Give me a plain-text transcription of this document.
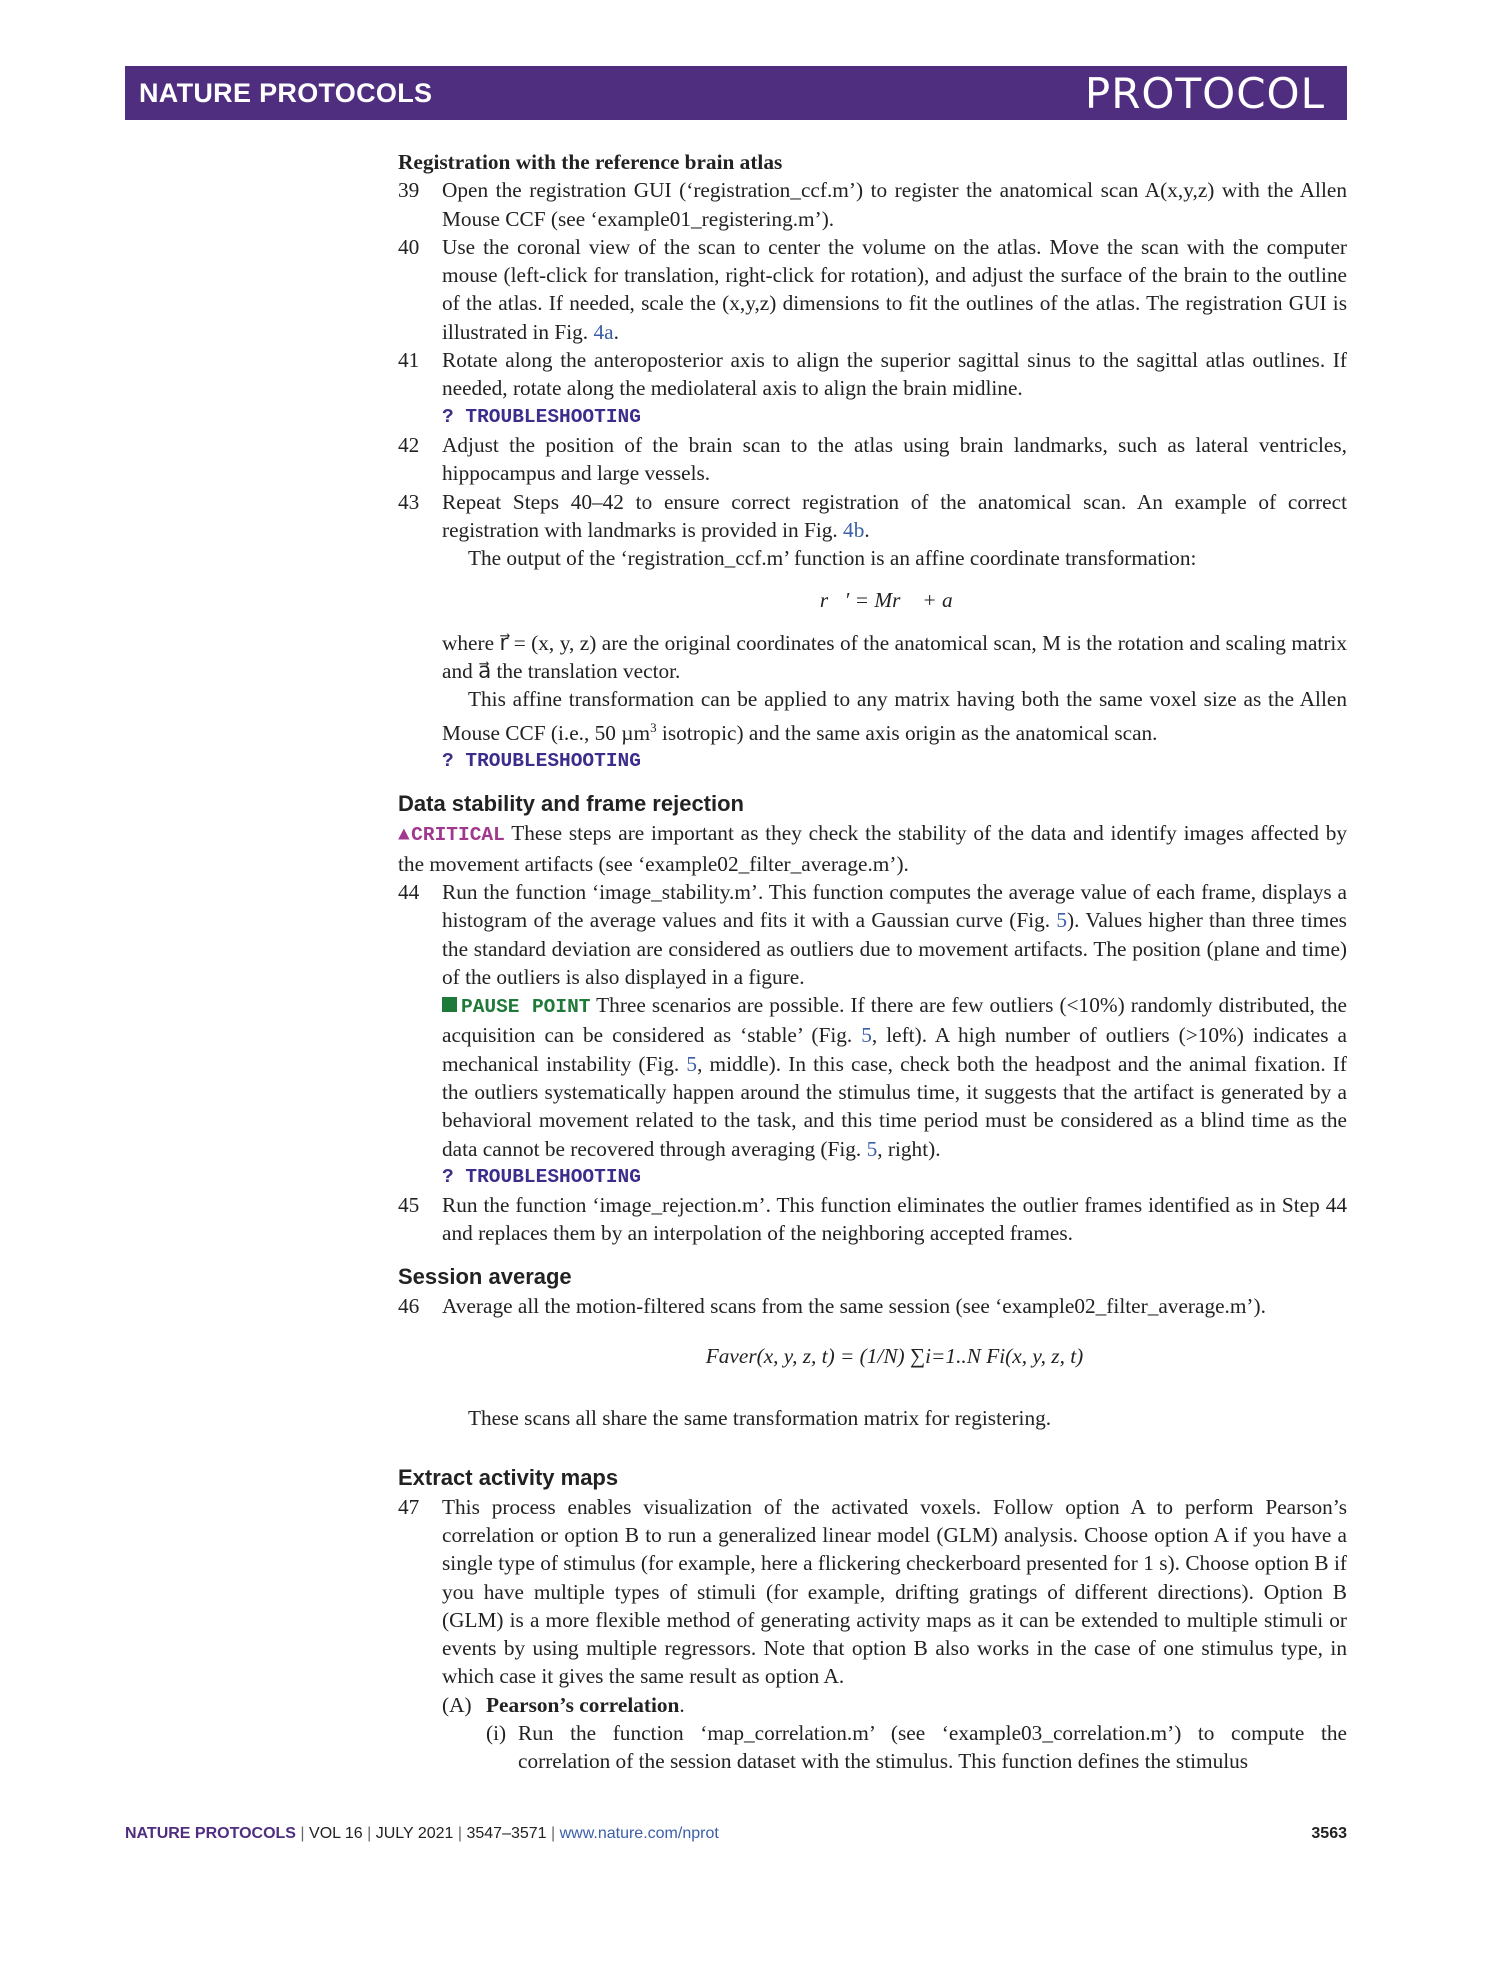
NATURE PROTOCOLS	PROTOCOL
Registration with the reference brain atlas
39 Open the registration GUI (‘registration_ccf.m’) to register the anatomical scan A(x,y,z) with the Allen Mouse CCF (see ‘example01_registering.m’).
40 Use the coronal view of the scan to center the volume on the atlas. Move the scan with the computer mouse (left-click for translation, right-click for rotation), and adjust the surface of the brain to the outline of the atlas. If needed, scale the (x,y,z) dimensions to fit the outlines of the atlas. The registration GUI is illustrated in Fig. 4a.
41 Rotate along the anteroposterior axis to align the superior sagittal sinus to the sagittal atlas outlines. If needed, rotate along the mediolateral axis to align the brain midline.
? TROUBLESHOOTING
42 Adjust the position of the brain scan to the atlas using brain landmarks, such as lateral ventricles, hippocampus and large vessels.
43 Repeat Steps 40–42 to ensure correct registration of the anatomical scan. An example of correct registration with landmarks is provided in Fig. 4b.
The output of the ‘registration_ccf.m’ function is an affine coordinate transformation:
r⃗′ = Mr⃗ + a⃗
where r⃗ = (x, y, z) are the original coordinates of the anatomical scan, M is the rotation and scaling matrix and a⃗ the translation vector.
This affine transformation can be applied to any matrix having both the same voxel size as the Allen Mouse CCF (i.e., 50 µm$^3$ isotropic) and the same axis origin as the anatomical scan.
? TROUBLESHOOTING
Data stability and frame rejection
▲CRITICAL These steps are important as they check the stability of the data and identify images affected by the movement artifacts (see ‘example02_filter_average.m’).
44 Run the function ‘image_stability.m’. This function computes the average value of each frame, displays a histogram of the average values and fits it with a Gaussian curve (Fig. 5). Values higher than three times the standard deviation are considered as outliers due to movement artifacts. The position (plane and time) of the outliers is also displayed in a figure.
PAUSE POINT Three scenarios are possible. If there are few outliers (<10%) randomly distributed, the acquisition can be considered as ‘stable’ (Fig. 5, left). A high number of outliers (>10%) indicates a mechanical instability (Fig. 5, middle). In this case, check both the headpost and the animal fixation. If the outliers systematically happen around the stimulus time, it suggests that the artifact is generated by a behavioral movement related to the task, and this time period must be considered as a blind time as the data cannot be recovered through averaging (Fig. 5, right).
? TROUBLESHOOTING
45 Run the function ‘image_rejection.m’. This function eliminates the outlier frames identified as in Step 44 and replaces them by an interpolation of the neighboring accepted frames.
Session average
46 Average all the motion-filtered scans from the same session (see ‘example02_filter_average.m’).
Faver(x, y, z, t) = (1/N) ∑i=1..N Fi(x, y, z, t)
These scans all share the same transformation matrix for registering.
Extract activity maps
47 This process enables visualization of the activated voxels. Follow option A to perform Pearson’s correlation or option B to run a generalized linear model (GLM) analysis. Choose option A if you have a single type of stimulus (for example, here a flickering checkerboard presented for 1 s). Choose option B if you have multiple types of stimuli (for example, drifting gratings of different directions). Option B (GLM) is a more flexible method of generating activity maps as it can be extended to multiple stimuli or events by using multiple regressors. Note that option B also works in the case of one stimulus type, in which case it gives the same result as option A.
(A) Pearson’s correlation.
(i) Run the function ‘map_correlation.m’ (see ‘example03_correlation.m’) to compute the correlation of the session dataset with the stimulus. This function defines the stimulus
NATURE PROTOCOLS | VOL 16 | JULY 2021 | 3547–3571 | www.nature.com/nprot	3563
